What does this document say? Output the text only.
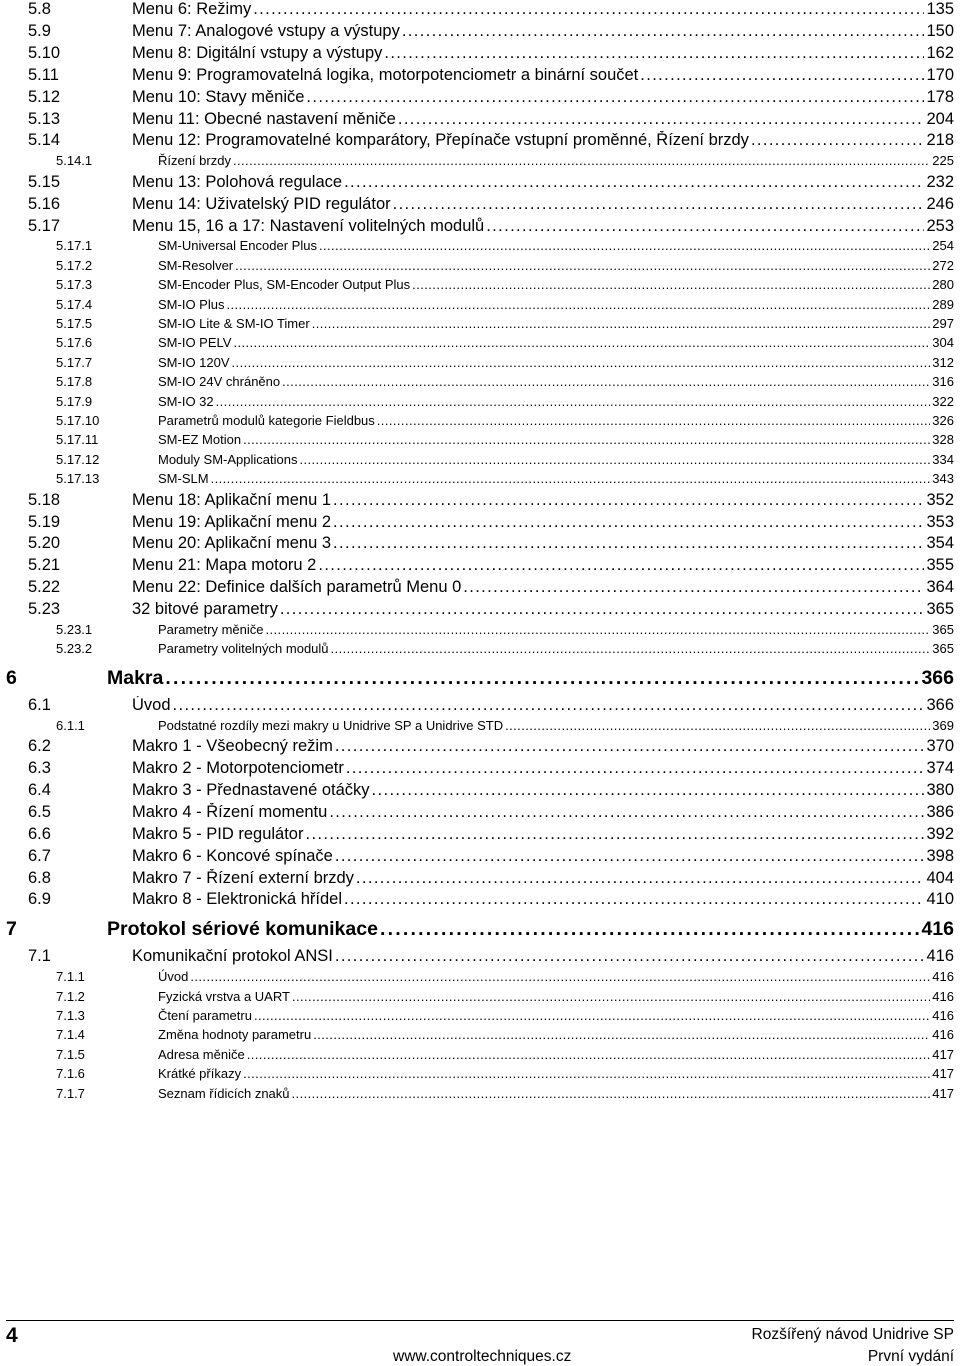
5.8	Menu 6: Režimy . . .	135
5.9	Menu 7: Analogové vstupy a výstupy . . .	150
5.10	Menu 8: Digitální vstupy a výstupy . . .	162
5.11	Menu 9: Programovatelná logika, motorpotenciometr a binární součet . . .	170
5.12	Menu 10: Stavy měniče . . .	178
5.13	Menu 11: Obecné nastavení měniče . . .	204
5.14	Menu 12: Programovatelné komparátory, Přepínače vstupní proměnné, Řízení brzdy . . .	218
5.14.1	Řízení brzdy . . .	225
5.15	Menu 13: Polohová regulace . . .	232
5.16	Menu 14: Uživatelský PID regulátor . . .	246
5.17	Menu 15, 16 a 17: Nastavení volitelných modulů . . .	253
5.17.1	SM-Universal Encoder Plus . . .	254
5.17.2	SM-Resolver . . .	272
5.17.3	SM-Encoder Plus, SM-Encoder Output Plus . . .	280
5.17.4	SM-IO Plus . . .	289
5.17.5	SM-IO Lite & SM-IO Timer . . .	297
5.17.6	SM-IO PELV . . .	304
5.17.7	SM-IO 120V . . .	312
5.17.8	SM-IO 24V chráněno . . .	316
5.17.9	SM-IO 32 . . .	322
5.17.10	Parametrů modulů kategorie Fieldbus . . .	326
5.17.11	SM-EZ Motion . . .	328
5.17.12	Moduly SM-Applications . . .	334
5.17.13	SM-SLM . . .	343
5.18	Menu 18: Aplikační menu 1 . . .	352
5.19	Menu 19: Aplikační menu 2 . . .	353
5.20	Menu 20: Aplikační menu 3 . . .	354
5.21	Menu 21: Mapa motoru 2 . . .	355
5.22	Menu 22: Definice dalších parametrů Menu 0 . . .	364
5.23	32 bitové parametry . . .	365
5.23.1	Parametry měniče . . .	365
5.23.2	Parametry volitelných modulů . . .	365
6	Makra . . .	366
6.1	Úvod . . .	366
6.1.1	Podstatné rozdíly mezi makry u Unidrive SP a Unidrive STD . . .	369
6.2	Makro 1 - Všeobecný režim . . .	370
6.3	Makro 2 - Motorpotenciometr . . .	374
6.4	Makro 3 - Přednastavené otáčky . . .	380
6.5	Makro 4 - Řízení momentu . . .	386
6.6	Makro 5 - PID regulátor . . .	392
6.7	Makro 6 - Koncové spínače . . .	398
6.8	Makro 7 - Řízení externí brzdy . . .	404
6.9	Makro 8 - Elektronická hřídel . . .	410
7	Protokol sériové komunikace . . .	416
7.1	Komunikační protokol ANSI . . .	416
7.1.1	Úvod . . .	416
7.1.2	Fyzická vrstva a UART . . .	416
7.1.3	Čtení parametru . . .	416
7.1.4	Změna hodnoty parametru . . .	416
7.1.5	Adresa měniče . . .	417
7.1.6	Krátké příkazy . . .	417
7.1.7	Seznam řídicích znaků . . .	417
4	Rozšířený návod Unidrive SP
www.controltechniques.cz	První vydání
